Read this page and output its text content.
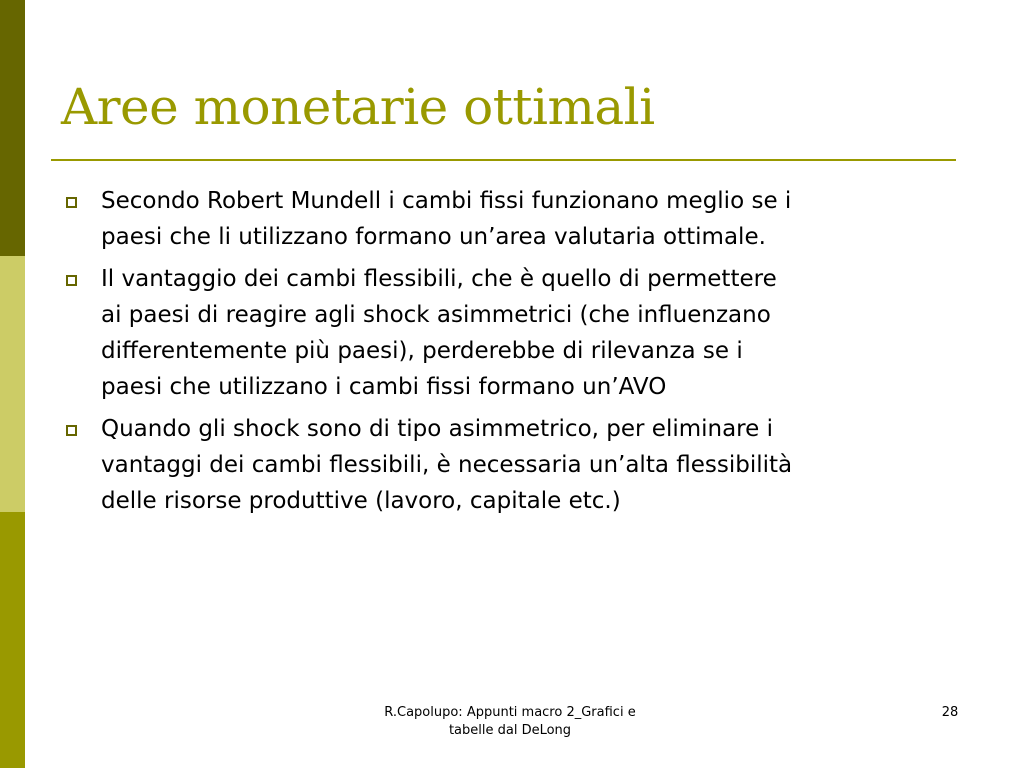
Aree monetarie ottimali
Secondo Robert Mundell i cambi fissi funzionano meglio se i
paesi che li utilizzano formano un’area valutaria ottimale.
Il vantaggio dei cambi flessibili, che è quello di permettere
ai paesi di reagire agli shock asimmetrici (che influenzano
differentemente più paesi), perderebbe di rilevanza se i
paesi che utilizzano i cambi fissi formano un’AVO
Quando gli shock sono di tipo asimmetrico, per eliminare i
vantaggi dei cambi flessibili, è necessaria un’alta flessibilità
delle risorse produttive (lavoro, capitale etc.)
R.Capolupo: Appunti macro 2_Grafici e
tabelle dal DeLong
28
